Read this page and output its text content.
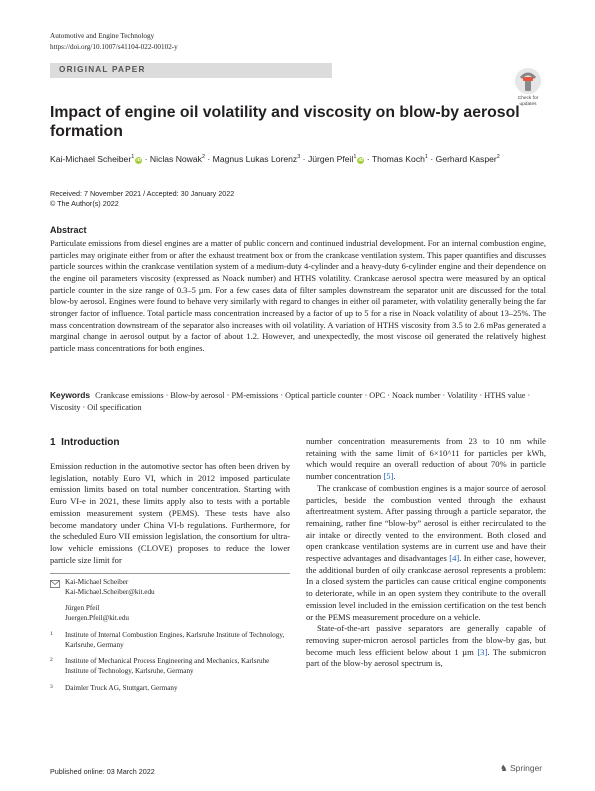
Automotive and Engine Technology
https://doi.org/10.1007/s41104-022-00102-y
ORIGINAL PAPER
Check for
updates
Impact of engine oil volatility and viscosity on blow-by aerosol formation
Kai-Michael Scheiber$^1$iD · Niclas Nowak$^2$ · Magnus Lukas Lorenz$^3$ · Jürgen Pfeil$^1$iD · Thomas Koch$^1$ · Gerhard Kasper$^2$
Received: 7 November 2021 / Accepted: 30 January 2022
© The Author(s) 2022
Abstract
Particulate emissions from diesel engines are a matter of public concern and continued industrial development. For an internal combustion engine, particles may originate either from or after the exhaust treatment box or from the crankcase ventilation system. This paper quantifies and discusses particle sources within the crankcase ventilation system of a medium-duty 4-cylinder and a heavy-duty 6-cylinder engine and their dependence on the engine oil parameters viscosity (expressed as Noack number) and HTHS volatility. Crankcase aerosol spectra were measured by an optical particle counter in the size range of 0.3–5 µm. For a few cases data of filter samples downstream the separator unit are discussed for the total blow-by aerosol. Engines were found to behave very similarly with regard to changes in either oil parameter, with volatility generally being the far stronger factor of influence. Total particle mass concentration increased by a factor of up to 5 for a rise in Noack volatility of about 13–25%. The mass concentration downstream of the separator also increases with oil volatility. A variation of HTHS viscosity from 3.5 to 2.6 mPas generated a marginal change in aerosol output by a factor of about 1.2. However, and unexpectedly, the most viscose oil generated the relatively highest particle mass concentrations for both engines.
Keywords Crankcase emissions · Blow-by aerosol · PM-emissions · Optical particle counter · OPC · Noack number · Volatility · HTHS value · Viscosity · Oil specification
1 Introduction

Emission reduction in the automotive sector has often been driven by legislation, notably Euro VI, which in 2012 imposed particulate emission limits based on total number concentration. Starting with Euro VI-e in 2021, these limits apply also to tests with a portable emission measurement system (PEMS). These tests have also become mandatory under China VI-b regulations. Furthermore, for the scheduled Euro VII emission legislation, the consortium for ultra-low vehicle emissions (CLOVE) proposes to reduce the lower particle size limit for

number concentration measurements from 23 to 10 nm while retaining with the same limit of 6×10^11 for particles per kWh, which would require an overall reduction of about 70% in particle number concentration [5].

The crankcase of combustion engines is a major source of aerosol particles, beside the combustion vented through the exhaust aftertreatment system. After passing through a particle separator, the remaining, rather fine “blow-by” aerosol is either recirculated to the air intake or directly vented to the environment. Both closed and open crankcase ventilation systems are in current use and have their respective advantages and disadvantages [4]. In either case, however, the additional burden of oily crankcase aerosol represents a problem: In a closed system the particles can cause critical engine components to deteriorate, while in an open system they contribute to the overall emission level included in the emission certification on the test bench or the PEMS measurement procedure on a vehicle.

State-of-the-art passive separators are generally capable of removing super-micron aerosol particles from the blow-by gas, but become much less efficient below about 1 µm [3]. The submicron part of the blow-by aerosol spectrum is,

Kai-Michael Scheiber
Kai-Michael.Scheiber@kit.edu
Jürgen Pfeil
Juergen.Pfeil@kit.edu
1 Institute of Internal Combustion Engines, Karlsruhe Institute of Technology, Karlsruhe, Germany
2 Institute of Mechanical Process Engineering and Mechanics, Karlsruhe Institute of Technology, Karlsruhe, Germany
3 Daimler Truck AG, Stuttgart, Germany
Published online: 03 March 2022	♞ Springer
